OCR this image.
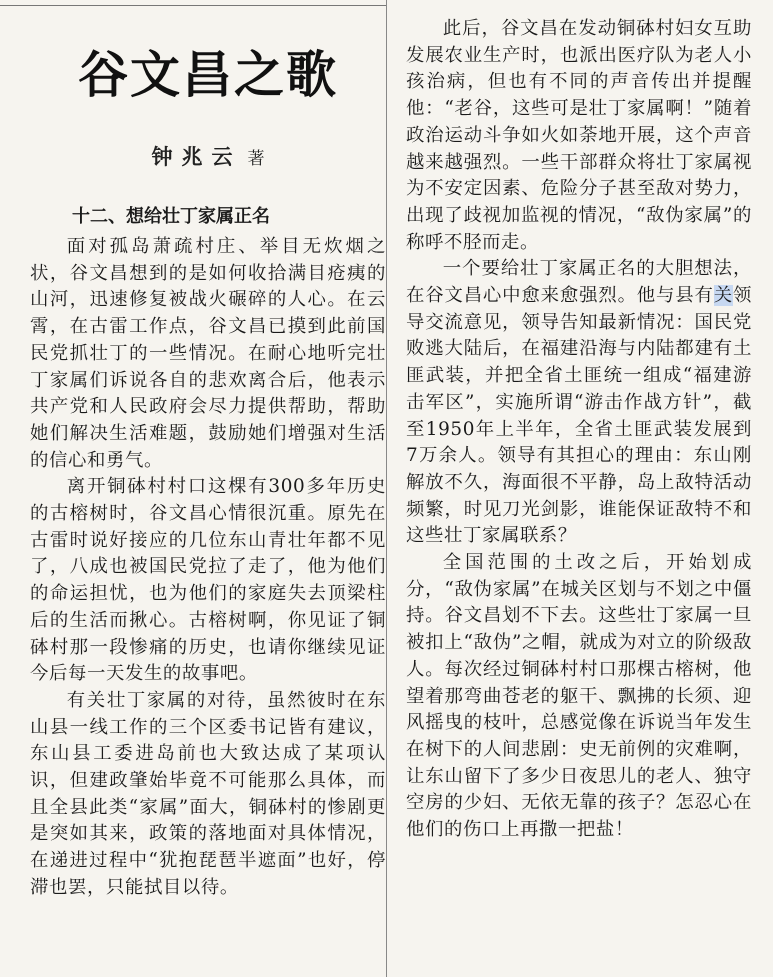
谷文昌之歌
钟兆云 著
十二、想给壮丁家属正名

面对孤岛萧疏村庄、举目无炊烟之状，谷文昌想到的是如何收拾满目疮痍的山河，迅速修复被战火碾碎的人心。在云霄，在古雷工作点，谷文昌已摸到此前国民党抓壮丁的一些情况。在耐心地听完壮丁家属们诉说各自的悲欢离合后，他表示共产党和人民政府会尽力提供帮助，帮助她们解决生活难题，鼓励她们增强对生活的信心和勇气。

离开铜砵村村口这棵有300多年历史的古榕树时，谷文昌心情很沉重。原先在古雷时说好接应的几位东山青壮年都不见了，八成也被国民党拉了走了，他为他们的命运担忧，也为他们的家庭失去顶梁柱后的生活而揪心。古榕树啊，你见证了铜砵村那一段惨痛的历史，也请你继续见证今后每一天发生的故事吧。

有关壮丁家属的对待，虽然彼时在东山县一线工作的三个区委书记皆有建议，东山县工委进岛前也大致达成了某项认识，但建政肇始毕竟不可能那么具体，而且全县此类“家属”面大，铜砵村的惨剧更是突如其来，政策的落地面对具体情况，在递进过程中“犹抱琵琶半遮面”也好，停滞也罢，只能拭目以待。

此后，谷文昌在发动铜砵村妇女互助发展农业生产时，也派出医疗队为老人小孩治病，但也有不同的声音传出并提醒他：“老谷，这些可是壮丁家属啊！”随着政治运动斗争如火如荼地开展，这个声音越来越强烈。一些干部群众将壮丁家属视为不安定因素、危险分子甚至敌对势力，出现了歧视加监视的情况，“敌伪家属”的称呼不胫而走。

一个要给壮丁家属正名的大胆想法，在谷文昌心中愈来愈强烈。他与县有关领导交流意见，领导告知最新情况：国民党败逃大陆后，在福建沿海与内陆都建有土匪武装，并把全省土匪统一组成“福建游击军区”，实施所谓“游击作战方针”，截至1950年上半年，全省土匪武装发展到7万余人。领导有其担心的理由：东山刚解放不久，海面很不平静，岛上敌特活动频繁，时见刀光剑影，谁能保证敌特不和这些壮丁家属联系？

全国范围的土改之后，开始划成分，“敌伪家属”在城关区划与不划之中僵持。谷文昌划不下去。这些壮丁家属一旦被扣上“敌伪”之帽，就成为对立的阶级敌人。每次经过铜砵村村口那棵古榕树，他望着那弯曲苍老的躯干、飘拂的长须、迎风摇曳的枝叶，总感觉像在诉说当年发生在树下的人间悲剧：史无前例的灾难啊，让东山留下了多少日夜思儿的老人、独守空房的少妇、无依无靠的孩子？怎忍心在他们的伤口上再撒一把盐！
